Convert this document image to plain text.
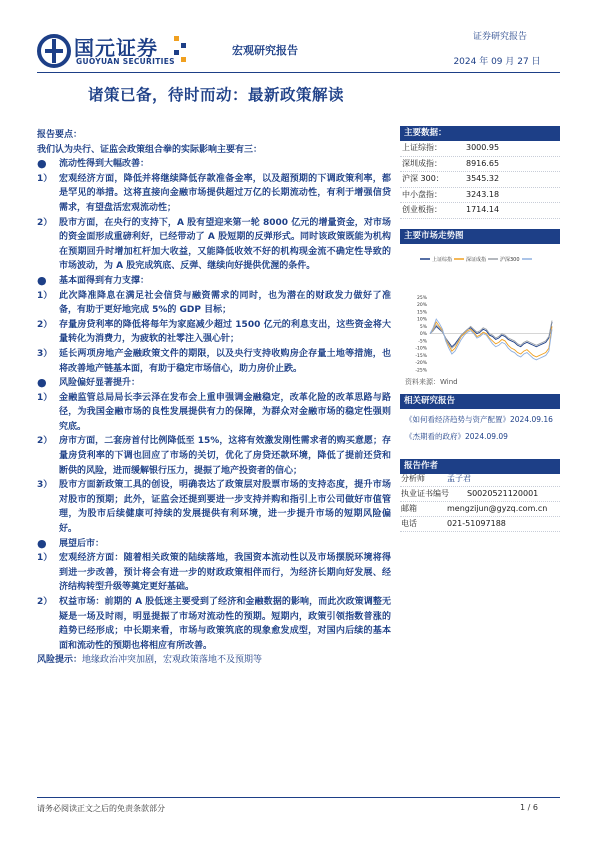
国元证券
GUOYUAN SECURITIES
宏观研究报告
证券研究报告
2024 年 09 月 27 日
诸策已备，待时而动：最新政策解读

报告要点：

我们认为央行、证监会政策组合拳的实际影响主要有三：

●	流动性得到大幅改善：
1） 宏观经济方面，降低并将继续降低存款准备金率，以及超预期的下调政策利率，都是罕见的举措。这将直接向金融市场提供超过万亿的长期流动性，有利于增强信贷需求，有望盘活宏观流动性；
2） 股市方面，在央行的支持下，A 股有望迎来第一轮 8000 亿元的增量资金，对市场的资金面形成重磅利好，已经带动了 A 股短期的反弹形式。同时该政策既能为机构在预期回升时增加杠杆加大收益，又能降低收效不好的机构现金流不确定性导致的市场波动，为 A 股完成筑底、反弹、继续向好提供优渥的条件。
●	基本面得到有力支撑：
1） 此次降准降息在满足社会信贷与融资需求的同时，也为潜在的财政发力做好了准备，有助于更好地完成 5%的 GDP 目标；
2） 存量房贷利率的降低将每年为家庭减少超过 1500 亿元的利息支出，这些资金将大量转化为消费力，为疲软的社零注入强心针；
3） 延长两项房地产金融政策文件的期限，以及央行支持收购房企存量土地等措施，也将改善地产链基本面，有助于稳定市场信心，助力房价止跌。
●	风险偏好显著提升：
1） 金融监管总局局长李云泽在发布会上重申强调金融稳定，改革化险的改革思路与路径，为我国金融市场的良性发展提供有力的保障，为群众对金融市场的稳定性强则究底。
2） 房市方面，二套房首付比例降低至 15%，这将有效激发刚性需求者的购买意愿；存量房贷利率的下调也回应了市场的关切，优化了房贷还款环境，降低了提前还贷和断供的风险，进而缓解银行压力，提振了地产投资者的信心；
3） 股市方面新政策工具的创设，明确表达了政策层对股票市场的支持态度，提升市场对股市的预期；此外，证监会还提到要进一步支持并购和指引上市公司做好市值管理，为股市后续健康可持续的发展提供有利环境，进一步提升市场的短期风险偏好。
●	展望后市：
1） 宏观经济方面：随着相关政策的陆续落地，我国资本流动性以及市场摆脱环境将得到进一步改善，预计将会有进一步的财政政策相伴而行，为经济长期向好发展、经济结构转型升级等奠定更好基础。
2） 权益市场：前期的 A 股低迷主要受到了经济和金融数据的影响，而此次政策调整无疑是一场及时雨，明显提振了市场对流动性的预期。短期内，政策引领指数普涨的趋势已经形成；中长期来看，市场与政策筑底的现象愈发成型，对国内后续的基本面和流动性的预期也将相应有所改善。

风险提示：地缘政治冲突加剧，宏观政策落地不及预期等

主要数据：
上证综指：	3000.95
深圳成指：	8916.65
沪深 300：	3545.32
中小盘指：	3243.18
创业板指：	1714.14
主要市场走势图
上证综指	深证成指	沪深300
25%
20%
15%
10%
5%
0%
-5%
-10%
-15%
-20%
-25%
资料来源：Wind
相关研究报告
《如何看经济趋势与资产配置》2024.09.16
《杰期看的政府》2024.09.09
报告作者
分析师	孟子君
执业证书编号	S0020521120001
邮箱	mengzijun@gyzq.com.cn
电话	021-51097188
请务必阅读正文之后的免责条款部分	1 / 6
